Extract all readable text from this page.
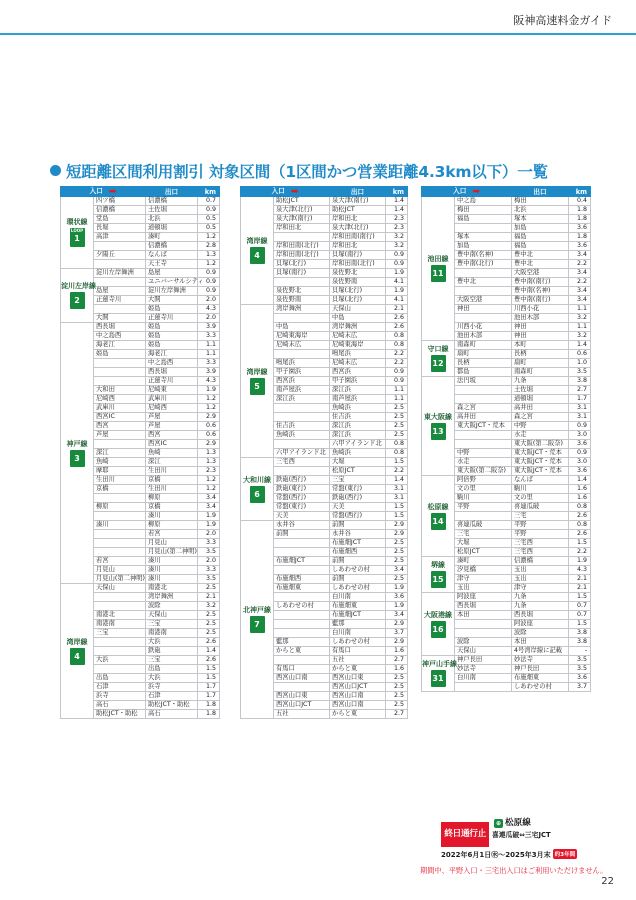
阪神高速料金ガイド
短距離区間利用割引 対象区間（1区間かつ営業距離4.3km以下）一覧
入口 ➡		出口	km

環状線
LOOP
1	四ツ橋	信濃橋	0.7
	信濃橋	土佐堀	0.9
	堂島	北浜	0.5
	長堀	道頓堀	0.5
	高津	湊町	1.2
		信濃橋	2.8
	夕陽丘	なんば	1.3
		天王寺	1.2

淀川左岸線
2	淀川左岸舞洲	島屋	0.9
		ユニバーサルシティ	0.9
	島屋	淀川左岸舞洲	0.9
	正蓮寺川	大開	2.0
		姫島	4.3
	大開	正蓮寺川	2.0

神戸線
3	西長堀	姫島	3.9
	中之島西	姫島	3.3
	海老江	姫島	1.1
	姫島	海老江	1.1
		中之島西	3.3
		西長堀	3.9
		正蓮寺川	4.3
	大和田	尼崎東	1.9
	尼崎西	武庫川	1.2
	武庫川	尼崎西	1.2
	西宮IC	芦屋	2.9
	西宮	芦屋	0.6
	芦屋	西宮	0.6
		西宮IC	2.9
	深江	魚崎	1.3
	魚崎	深江	1.3
	摩耶	生田川	2.3
	生田川	京橋	1.2
	京橋	生田川	1.2
		柳原	3.4
	柳原	京橋	3.4
		湊川	1.9
	湊川	柳原	1.9
		若宮	2.0
		月見山	3.3
		月見山(第二神明)	3.5
	若宮	湊川	2.0
	月見山	湊川	3.3
	月見山(第二神明)	湊川	3.5

湾岸線
4	天保山	南港北	2.5
		湾岸舞洲	2.1
		波除	3.2
	南港北	天保山	2.5
	南港南	三宝	2.5
	三宝	南港南	2.5
		大浜	2.6
		鉄砲	1.4
	大浜	三宝	2.6
		出島	1.5
	出島	大浜	1.5
	石津	浜寺	1.7
	浜寺	石津	1.7
	高石	助松JCT・助松	1.8
	助松JCT・助松	高石	1.8
入口 ➡		出口	km

湾岸線
4	助松JCT	泉大津(南行)	1.4
	泉大津(北行)	助松JCT	1.4
	泉大津(南行)	岸和田北	2.3
	岸和田北	泉大津(北行)	2.3
		岸和田南(南行)	3.2
	岸和田南(北行)	岸和田北	3.2
	岸和田南(北行)	貝塚(南行)	0.9
	貝塚(北行)	岸和田南(北行)	0.9
	貝塚(南行)	泉佐野北	1.9
		泉佐野南	4.1
	泉佐野北	貝塚(北行)	1.9
	泉佐野南	貝塚(北行)	4.1

湾岸線
5	湾岸舞洲	天保山	2.1
		中島	2.6
	中島	湾岸舞洲	2.6
	尼崎東海岸	尼崎末広	0.8
	尼崎末広	尼崎東海岸	0.8
		鳴尾浜	2.2
	鳴尾浜	尼崎末広	2.2
	甲子園浜	西宮浜	0.9
	西宮浜	甲子園浜	0.9
	南芦屋浜	深江浜	1.1
	深江浜	南芦屋浜	1.1
		魚崎浜	2.5
		住吉浜	2.5
	住吉浜	深江浜	2.5
	魚崎浜	深江浜	2.5
		六甲アイランド北	0.8
	六甲アイランド北	魚崎浜	0.8

大和川線
6	三宅西	大堀	1.5
		松原JCT	2.2
	鉄砲(西行)	三宝	1.4
	鉄砲(東行)	常盤(東行)	3.1
	常盤(西行)	鉄砲(西行)	3.1
	常盤(東行)	天美	1.5
	天美	常盤(西行)	1.5

北神戸線
7	永井谷	前開	2.9
	前開	永井谷	2.9
		布施畑JCT	2.5
		布施畑西	2.5
	布施畑JCT	前開	2.5
		しあわせの村	3.4
	布施畑西	前開	2.5
	布施畑東	しあわせの村	1.9
		白川南	3.6
	しあわせの村	布施畑東	1.9
		布施畑JCT	3.4
		藍那	2.9
		白川南	3.7
	藍那	しあわせの村	2.9
	からと東	有馬口	1.6
		五社	2.7
	有馬口	からと東	1.6
	西宮山口南	西宮山口東	2.5
		西宮山口JCT	2.5
	西宮山口東	西宮山口南	2.5
	西宮山口JCT	西宮山口南	2.5
	五社	からと東	2.7
入口 ➡		出口	km

池田線
11	中之島	梅田	0.4
	梅田	北浜	1.8
	福島	塚本	1.8
		加島	3.6
	塚本	福島	1.8
	加島	福島	3.6
	豊中南(名神)	豊中北	3.4
	豊中南(北行)	豊中北	2.2
		大阪空港	3.4
	豊中北	豊中南(南行)	2.2
		豊中南(名神)	3.4
	大阪空港	豊中南(南行)	3.4
	神田	川西小花	1.1
		池田木部	3.2
	川西小花	神田	1.1
	池田木部	神田	3.2

守口線
12	南森町	本町	1.4
	扇町	長柄	0.6
	長柄	扇町	1.0
	都島	南森町	3.5

東大阪線
13	法円坂	九条	3.8
		土佐堀	2.7
		道頓堀	1.7
	森之宮	高井田	3.1
	高井田	森之宮	3.1
	東大阪JCT・荒本	中野	0.9
		水走	3.0
		東大阪(第二阪奈)	3.6
	中野	東大阪JCT・荒本	0.9
	水走	東大阪JCT・荒本	3.0
	東大阪(第二阪奈)	東大阪JCT・荒本	3.6

松原線
14	阿倍野	なんば	1.4
	文の里	駒川	1.6
	駒川	文の里	1.6
	平野	喜連瓜破	0.8
		三宅	2.6
	喜連瓜破	平野	0.8
	三宅	平野	2.6
	大堀	三宅西	1.5
	松原JCT	三宅西	2.2

堺線
15	湊町	信濃橋	1.9
	汐見橋	玉出	4.3
	津守	玉出	2.1
	玉出	津守	2.1

大阪港線
16	阿波座	九条	1.5
	西長堀	九条	0.7
	本田	西長堀	0.7
		阿波座	1.5
		波除	3.8
	波除	本田	3.8
	天保山	4号湾岸線に記載	-

神戸山手線
31	神戸長田	妙法寺	3.5
	妙法寺	神戸長田	3.5
	白川南	布施畑東	3.6
		しあわせの村	3.7
終日通行止
⊕ 松原線
喜連瓜破⇔三宅JCT
2022年6月1日㊌～2025年3月末 約3年間
期間中、平野入口・三宅出入口はご利用いただけません。
22
